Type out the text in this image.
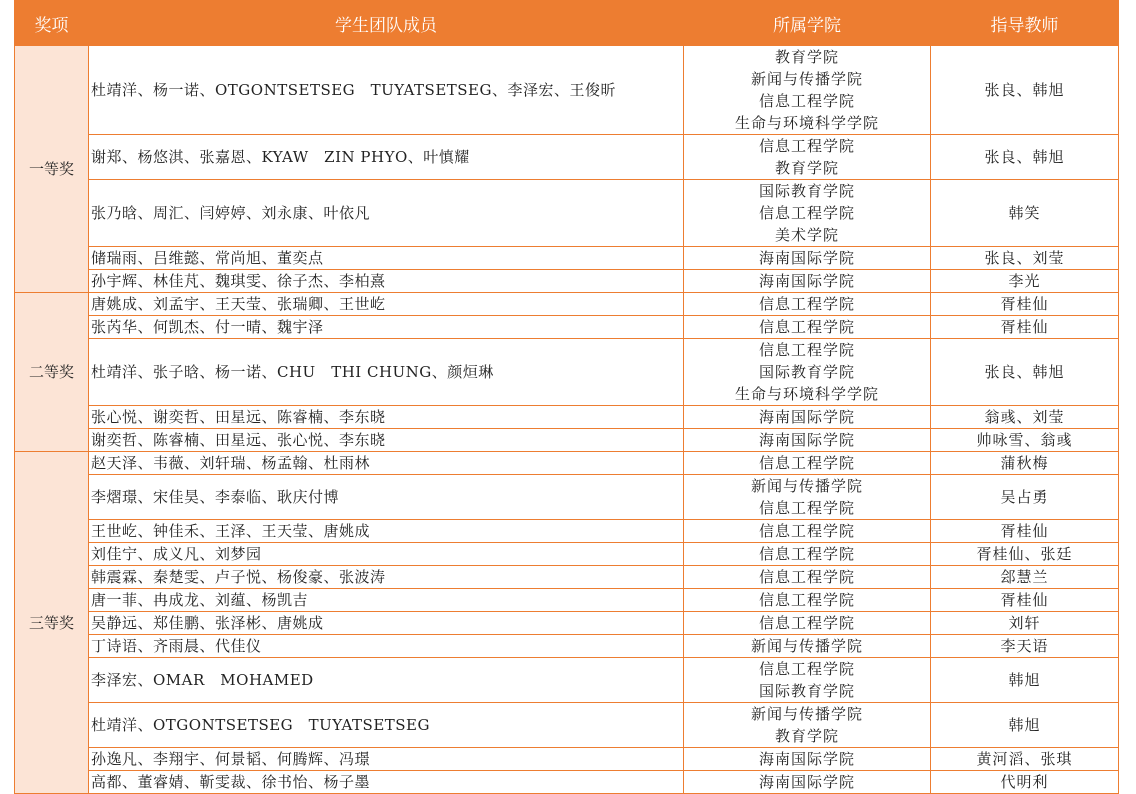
奖项	学生团队成员	所属学院	指导教师
一等奖	杜靖洋、杨一诺、OTGONTSETSEG　TUYATSETSEG、李泽宏、王俊昕	教育学院
新闻与传播学院
信息工程学院
生命与环境科学学院	张良、韩旭
	谢郑、杨悠淇、张嘉恩、KYAW　ZIN PHYO、叶慎耀	信息工程学院
教育学院	张良、韩旭
	张乃晗、周汇、闫婷婷、刘永康、叶依凡	国际教育学院
信息工程学院
美术学院	韩笑
	储瑞雨、吕维懿、常尚旭、董奕点	海南国际学院	张良、刘莹
	孙宇辉、林佳芃、魏琪雯、徐子杰、李柏熹	海南国际学院	李光
二等奖	唐姚成、刘孟宇、王天莹、张瑞卿、王世屹	信息工程学院	胥桂仙
	张芮华、何凯杰、付一晴、魏宇泽	信息工程学院	胥桂仙
	杜靖洋、张子晗、杨一诺、CHU　THI CHUNG、颜烜琳	信息工程学院
国际教育学院
生命与环境科学学院	张良、韩旭
	张心悦、谢奕哲、田星远、陈睿楠、李东晓	海南国际学院	翁彧、刘莹
	谢奕哲、陈睿楠、田星远、张心悦、李东晓	海南国际学院	帅咏雪、翁彧
三等奖	赵天泽、韦薇、刘轩瑞、杨孟翰、杜雨林	信息工程学院	蒲秋梅
	李熠璟、宋佳昊、李泰临、耿庆付博	新闻与传播学院
信息工程学院	吴占勇
	王世屹、钟佳禾、王泽、王天莹、唐姚成	信息工程学院	胥桂仙
	刘佳宁、成义凡、刘梦园	信息工程学院	胥桂仙、张廷
	韩震霖、秦楚雯、卢子悦、杨俊豪、张波涛	信息工程学院	郐慧兰
	唐一菲、冉成龙、刘蕴、杨凯吉	信息工程学院	胥桂仙
	吴静远、郑佳鹏、张泽彬、唐姚成	信息工程学院	刘轩
	丁诗语、齐雨晨、代佳仪	新闻与传播学院	李天语
	李泽宏、OMAR　MOHAMED	信息工程学院
国际教育学院	韩旭
	杜靖洋、OTGONTSETSEG　TUYATSETSEG	新闻与传播学院
教育学院	韩旭
	孙逸凡、李翔宇、何景韬、何腾辉、冯璟	海南国际学院	黄河滔、张琪
	高都、董睿婧、靳雯裁、徐书怡、杨子墨	海南国际学院	代明利
